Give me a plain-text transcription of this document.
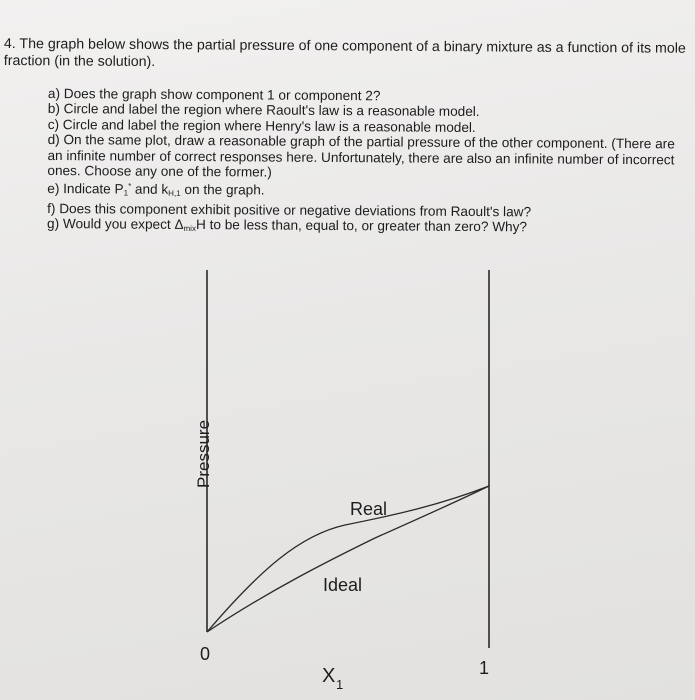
4. The graph below shows the partial pressure of one component of a binary mixture as a function of its mole fraction (in the solution).

a) Does the graph show component 1 or component 2?
b) Circle and label the region where Raoult's law is a reasonable model.
c) Circle and label the region where Henry's law is a reasonable model.
d) On the same plot, draw a reasonable graph of the partial pressure of the other component. (There are an infinite number of correct responses here. Unfortunately, there are also an infinite number of incorrect ones. Choose any one of the former.)
e) Indicate $P_1^*$ and $k_{H,1}$ on the graph.
f) Does this component exhibit positive or negative deviations from Raoult's law?
g) Would you expect $\Delta_{mix}H$ to be less than, equal to, or greater than zero? Why?
Pressure
Real
Ideal
0
1
X 1
